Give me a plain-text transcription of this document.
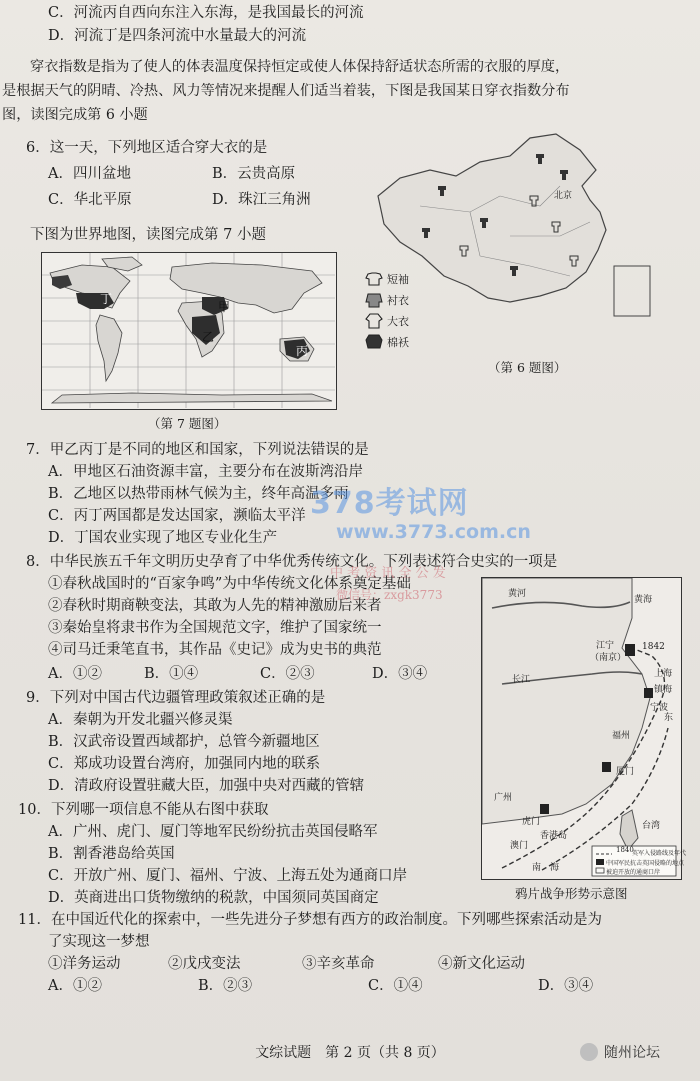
C．河流丙自西向东注入东海，是我国最长的河流
D．河流丁是四条河流中水量最大的河流
穿衣指数是指为了使人的体表温度保持恒定或使人体保持舒适状态所需的衣服的厚度，
是根据天气的阴晴、冷热、风力等情况来提醒人们适当着装，下图是我国某日穿衣指数分布
图，读图完成第 6 小题
6．这一天，下列地区适合穿大衣的是
A．四川盆地	B．云贵高原
C．华北平原	D．珠江三角洲
下图为世界地图，读图完成第 7 小题
丁
甲
乙
丙
（第 7 题图）
北京
短袖
衬衣
大衣
棉袄
（第 6 题图）
7．甲乙丙丁是不同的地区和国家，下列说法错误的是
A．甲地区石油资源丰富，主要分布在波斯湾沿岸
B．乙地区以热带雨林气候为主，终年高温多雨
C．丙丁两国都是发达国家，濒临太平洋
D．丁国农业实现了地区专业化生产
8．中华民族五千年文明历史孕育了中华优秀传统文化。下列表述符合史实的一项是
①春秋战国时的“百家争鸣”为中华传统文化体系奠定基础
②春秋时期商鞅变法，其敢为人先的精神激励后来者
③秦始皇将隶书作为全国规范文字，维护了国家统一
④司马迁秉笔直书，其作品《史记》成为史书的典范
A．①②	B．①④	C．②③	D．③④
9．下列对中国古代边疆管理政策叙述正确的是
A．秦朝为开发北疆兴修灵渠
B．汉武帝设置西域都护，总管今新疆地区
C．郑成功设置台湾府，加强同内地的联系
D．清政府设置驻藏大臣，加强中央对西藏的管辖
10．下列哪一项信息不能从右图中获取
A．广州、虎门、厦门等地军民纷纷抗击英国侵略军
B．割香港岛给英国
C．开放广州、厦门、福州、宁波、上海五处为通商口岸
D．英商进出口货物缴纳的税款，中国须同英国商定
黄河
黄海
长江
江宁
（南京）
1842
上海
宁波
镇海
东
福州
厦门
台湾
广州
虎门
香港岛
澳门
南　海
1840
英军入侵路线及年代
中国军民抗击英国侵略的地点
被迫开放的通商口岸
鸦片战争形势示意图
11．在中国近代化的探索中，一些先进分子梦想有西方的政治制度。下列哪些探索活动是为
了实现这一梦想
①洋务运动	②戊戌变法	③辛亥革命	④新文化运动
A．①②	B．②③	C．①④	D．③④
378考试网
www.3773.com.cn
中 考 资 讯 全 公 发
微信号：zxgk3773
文综试题　第 2 页（共 8 页）	随州论坛
